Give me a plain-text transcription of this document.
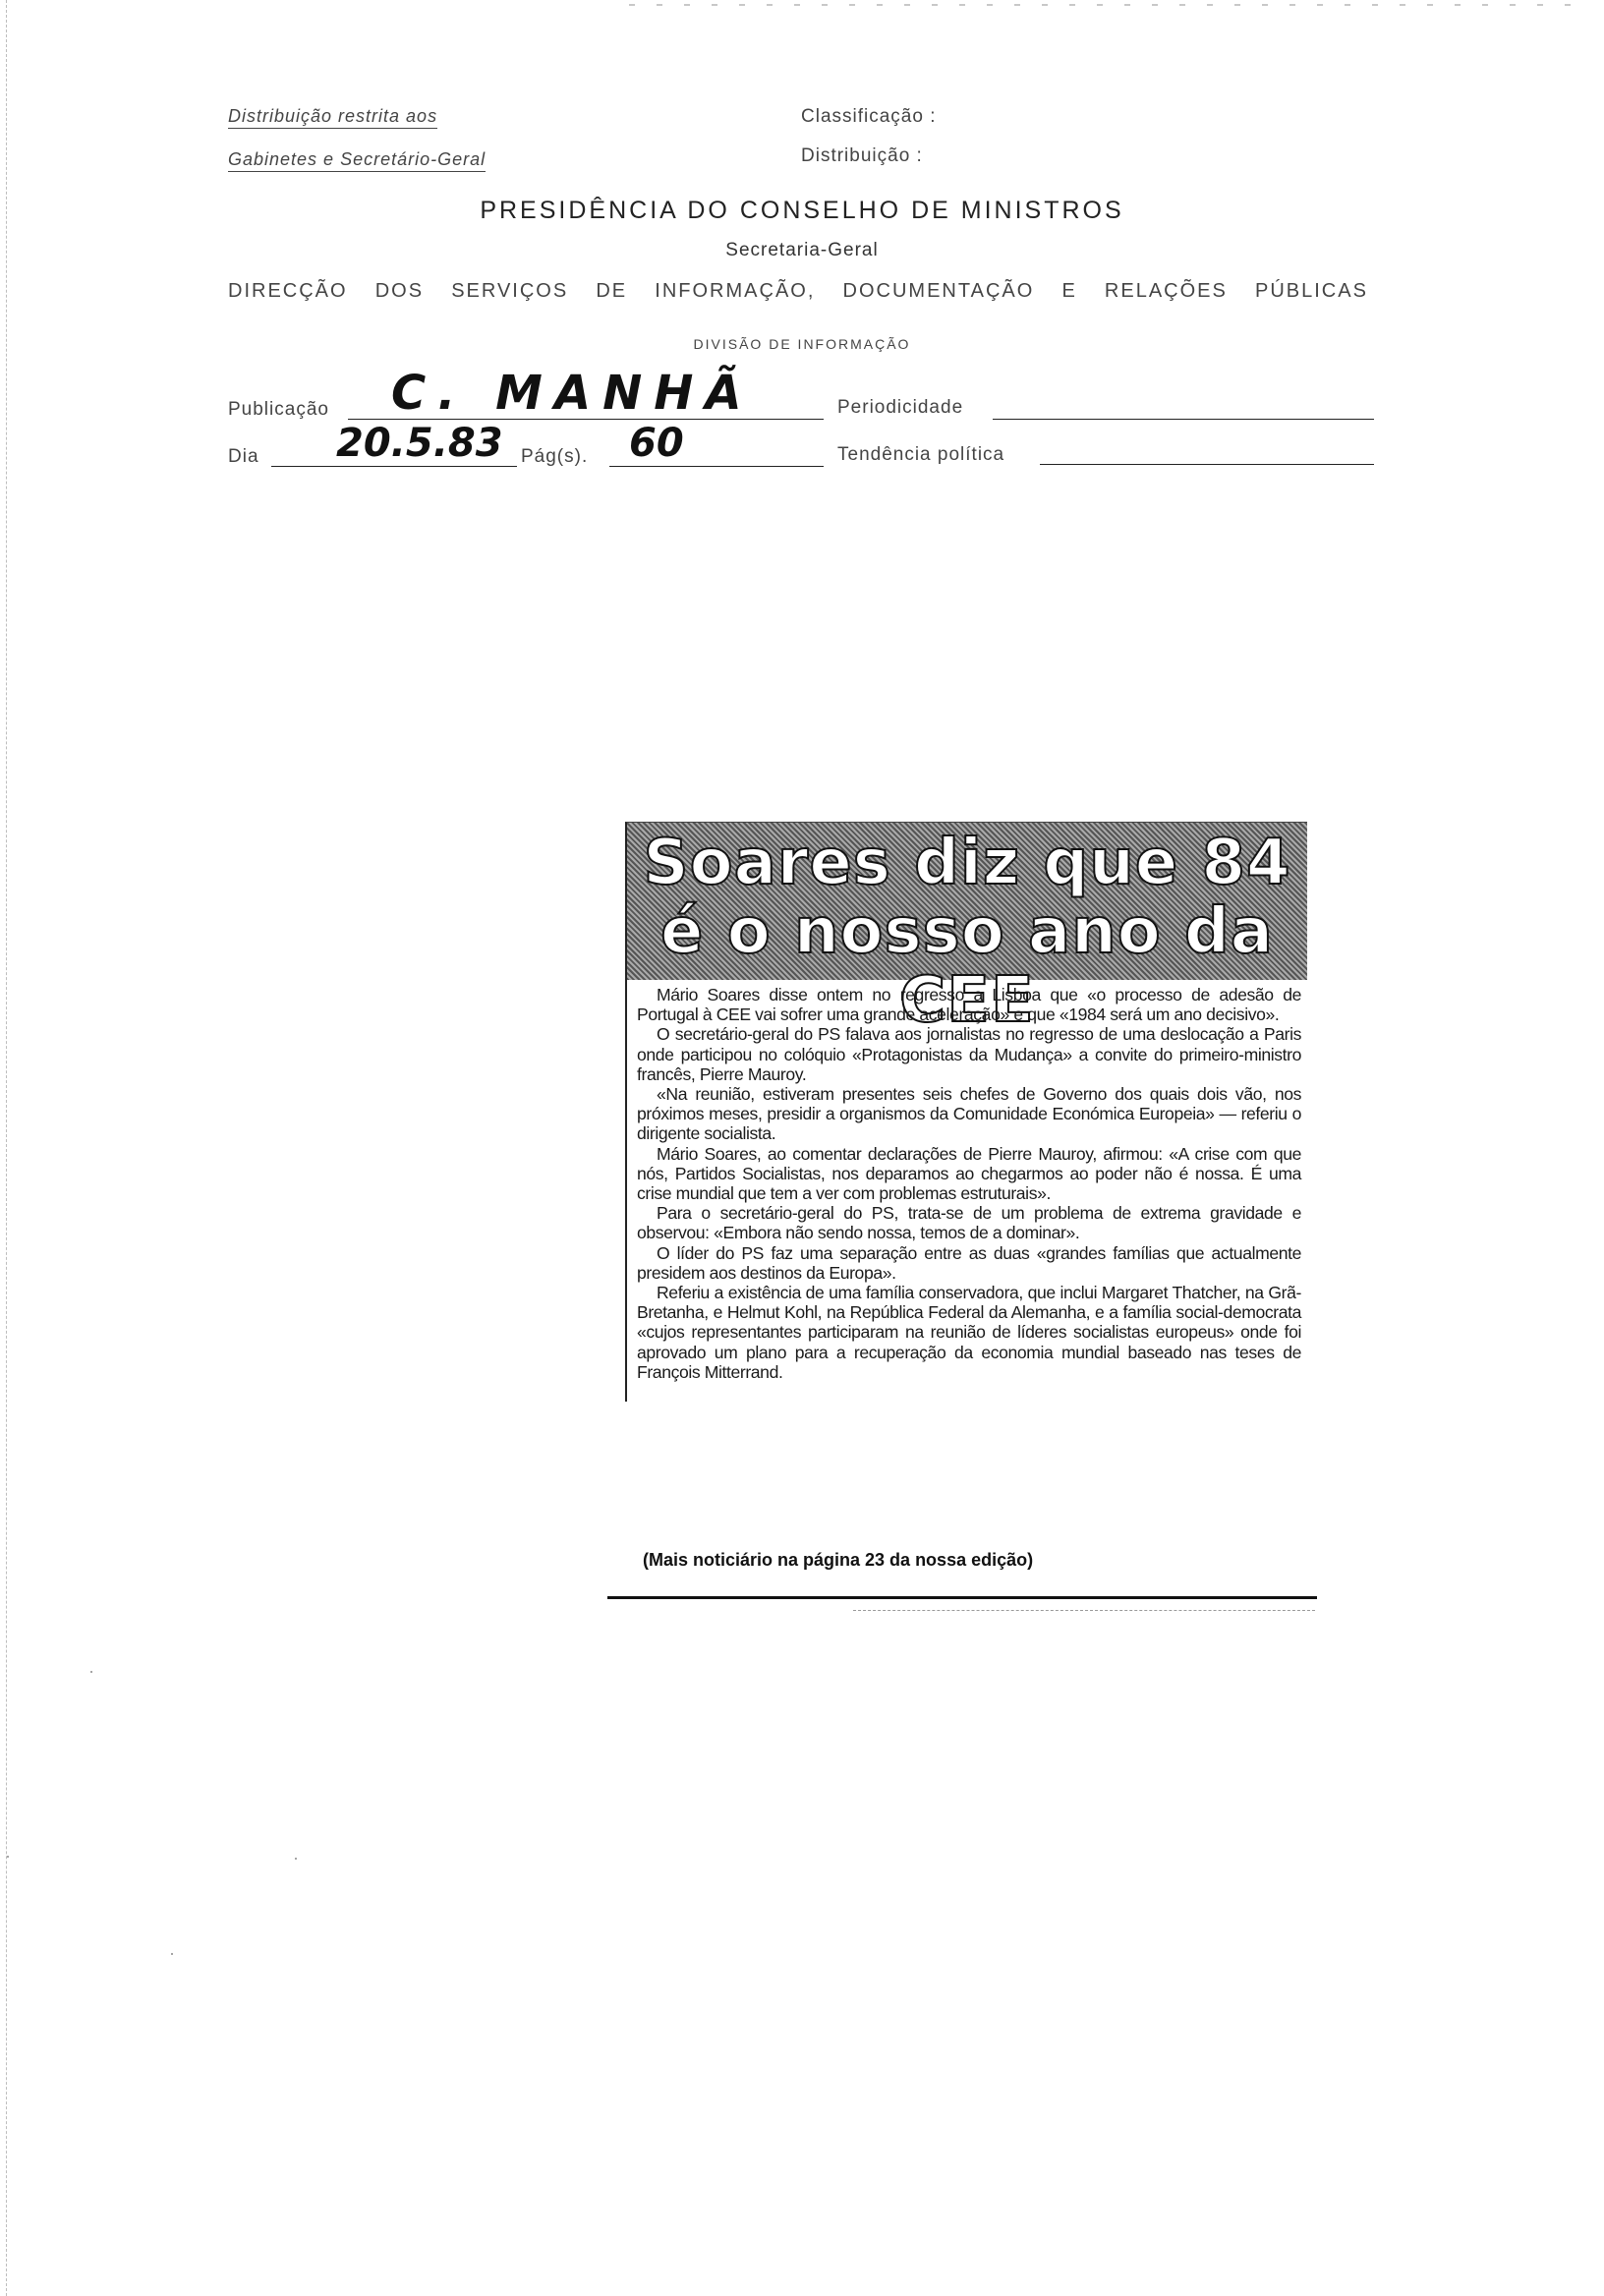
Distribuição restrita aos
Gabinetes e Secretário-Geral
Classificação :
Distribuição :
PRESIDÊNCIA DO CONSELHO DE MINISTROS
Secretaria-Geral
DIRECÇÃO DOS SERVIÇOS DE INFORMAÇÃO, DOCUMENTAÇÃO E RELAÇÕES PÚBLICAS
DIVISÃO DE INFORMAÇÃO
Publicação C. MANHÃ	Periodicidade
Dia 20.5.83 Pág(s). 60	Tendência política
Soares diz que 84
é o nosso ano da CEE

Mário Soares disse ontem no regresso a Lisboa que «o processo de adesão de Portugal à CEE vai sofrer uma grande aceleração» e que «1984 será um ano decisivo».

O secretário-geral do PS falava aos jornalistas no regresso de uma deslocação a Paris onde participou no colóquio «Protagonistas da Mudança» a convite do primeiro-ministro francês, Pierre Mauroy.

«Na reunião, estiveram presentes seis chefes de Governo dos quais dois vão, nos próximos meses, presidir a organismos da Comunidade Económica Europeia» — referiu o dirigente socialista.

Mário Soares, ao comentar declarações de Pierre Mauroy, afirmou: «A crise com que nós, Partidos Socialistas, nos deparamos ao chegarmos ao poder não é nossa. É uma crise mundial que tem a ver com problemas estruturais».

Para o secretário-geral do PS, trata-se de um problema de extrema gravidade e observou: «Embora não sendo nossa, temos de a dominar».

O líder do PS faz uma separação entre as duas «grandes famílias que actualmente presidem aos destinos da Europa».

Referiu a existência de uma família conservadora, que inclui Margaret Thatcher, na Grã-Bretanha, e Helmut Kohl, na República Federal da Alemanha, e a família social-democrata «cujos representantes participaram na reunião de líderes socialistas europeus» onde foi aprovado um plano para a recuperação da economia mundial baseado nas teses de François Mitterrand.

(Mais noticiário na página 23 da nossa edição)
